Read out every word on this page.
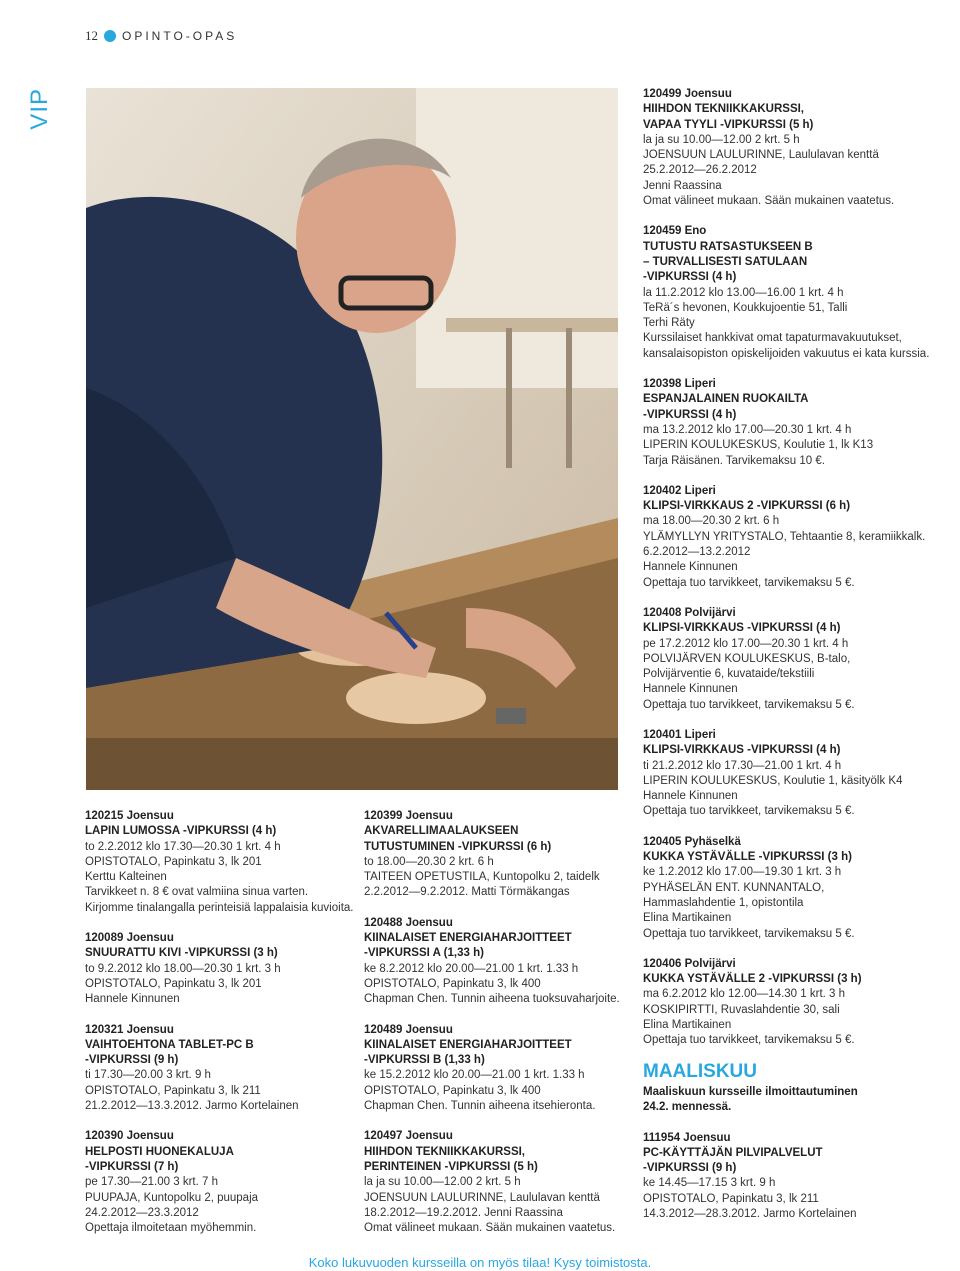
12 OPINTO-OPAS
VIP
120215 Joensuu
LAPIN LUMOSSA -VIPKURSSI (4 h)
to 2.2.2012 klo 17.30—20.30 1 krt. 4 h
OPISTOTALO, Papinkatu 3, lk 201
Kerttu Kalteinen
Tarvikkeet n. 8 € ovat valmiina sinua varten.
Kirjomme tinalangalla perinteisiä lappalaisia kuvioita.
120089 Joensuu
SNUURATTU KIVI -VIPKURSSI (3 h)
to 9.2.2012 klo 18.00—20.30 1 krt. 3 h
OPISTOTALO, Papinkatu 3, lk 201
Hannele Kinnunen
120321 Joensuu
VAIHTOEHTONA TABLET-PC B
-VIPKURSSI (9 h)
ti 17.30—20.00 3 krt. 9 h
OPISTOTALO, Papinkatu 3, lk 211
21.2.2012—13.3.2012. Jarmo Kortelainen
120390 Joensuu
HELPOSTI HUONEKALUJA
-VIPKURSSI (7 h)
pe 17.30—21.00 3 krt. 7 h
PUUPAJA, Kuntopolku 2, puupaja
24.2.2012—23.3.2012
Opettaja ilmoitetaan myöhemmin.
120399 Joensuu
AKVARELLIMAALAUKSEEN
TUTUSTUMINEN -VIPKURSSI (6 h)
to 18.00—20.30 2 krt. 6 h
TAITEEN OPETUSTILA, Kuntopolku 2, taidelk
2.2.2012—9.2.2012. Matti Törmäkangas
120488 Joensuu
KIINALAISET ENERGIAHARJOITTEET
-VIPKURSSI A (1,33 h)
ke 8.2.2012 klo 20.00—21.00 1 krt. 1.33 h
OPISTOTALO, Papinkatu 3, lk 400
Chapman Chen. Tunnin aiheena tuoksuvaharjoite.
120489 Joensuu
KIINALAISET ENERGIAHARJOITTEET
-VIPKURSSI B (1,33 h)
ke 15.2.2012 klo 20.00—21.00 1 krt. 1.33 h
OPISTOTALO, Papinkatu 3, lk 400
Chapman Chen. Tunnin aiheena itsehieronta.
120497 Joensuu
HIIHDON TEKNIIKKAKURSSI,
PERINTEINEN -VIPKURSSI (5 h)
la ja su 10.00—12.00 2 krt. 5 h
JOENSUUN LAULURINNE, Laululavan kenttä
18.2.2012—19.2.2012. Jenni Raassina
Omat välineet mukaan. Sään mukainen vaatetus.
120499 Joensuu
HIIHDON TEKNIIKKAKURSSI,
VAPAA TYYLI -VIPKURSSI (5 h)
la ja su 10.00—12.00 2 krt. 5 h
JOENSUUN LAULURINNE, Laululavan kenttä
25.2.2012—26.2.2012
Jenni Raassina
Omat välineet mukaan. Sään mukainen vaatetus.
120459 Eno
TUTUSTU RATSASTUKSEEN B
– TURVALLISESTI SATULAAN
-VIPKURSSI (4 h)
la 11.2.2012 klo 13.00—16.00 1 krt. 4 h
TeRä´s hevonen, Koukkujoentie 51, Talli
Terhi Räty
Kurssilaiset hankkivat omat tapaturmavakuutukset,
kansalaisopiston opiskelijoiden vakuutus ei kata kurssia.
120398 Liperi
ESPANJALAINEN RUOKAILTA
-VIPKURSSI (4 h)
ma 13.2.2012 klo 17.00—20.30 1 krt. 4 h
LIPERIN KOULUKESKUS, Koulutie 1, lk K13
Tarja Räisänen. Tarvikemaksu 10 €.
120402 Liperi
KLIPSI-VIRKKAUS 2 -VIPKURSSI (6 h)
ma 18.00—20.30 2 krt. 6 h
YLÄMYLLYN YRITYSTALO, Tehtaantie 8, keramiikkalk.
6.2.2012—13.2.2012
Hannele Kinnunen
Opettaja tuo tarvikkeet, tarvikemaksu 5 €.
120408 Polvijärvi
KLIPSI-VIRKKAUS -VIPKURSSI (4 h)
pe 17.2.2012 klo 17.00—20.30 1 krt. 4 h
POLVIJÄRVEN KOULUKESKUS, B-talo,
Polvijärventie 6, kuvataide/tekstiili
Hannele Kinnunen
Opettaja tuo tarvikkeet, tarvikemaksu 5 €.
120401 Liperi
KLIPSI-VIRKKAUS -VIPKURSSI (4 h)
ti 21.2.2012 klo 17.30—21.00 1 krt. 4 h
LIPERIN KOULUKESKUS, Koulutie 1, käsityölk K4
Hannele Kinnunen
Opettaja tuo tarvikkeet, tarvikemaksu 5 €.
120405 Pyhäselkä
KUKKA YSTÄVÄLLE -VIPKURSSI (3 h)
ke 1.2.2012 klo 17.00—19.30 1 krt. 3 h
PYHÄSELÄN ENT. KUNNANTALO,
Hammaslahdentie 1, opistontila
Elina Martikainen
Opettaja tuo tarvikkeet, tarvikemaksu 5 €.
120406 Polvijärvi
KUKKA YSTÄVÄLLE 2 -VIPKURSSI (3 h)
ma 6.2.2012 klo 12.00—14.30 1 krt. 3 h
KOSKIPIRTTI, Ruvaslahdentie 30, sali
Elina Martikainen
Opettaja tuo tarvikkeet, tarvikemaksu 5 €.
MAALISKUU
Maaliskuun kursseille ilmoittautuminen
24.2. mennessä.
111954 Joensuu
PC-KÄYTTÄJÄN PILVIPALVELUT
-VIPKURSSI (9 h)
ke 14.45—17.15 3 krt. 9 h
OPISTOTALO, Papinkatu 3, lk 211
14.3.2012—28.3.2012. Jarmo Kortelainen
Koko lukuvuoden kursseilla on myös tilaa! Kysy toimistosta.
